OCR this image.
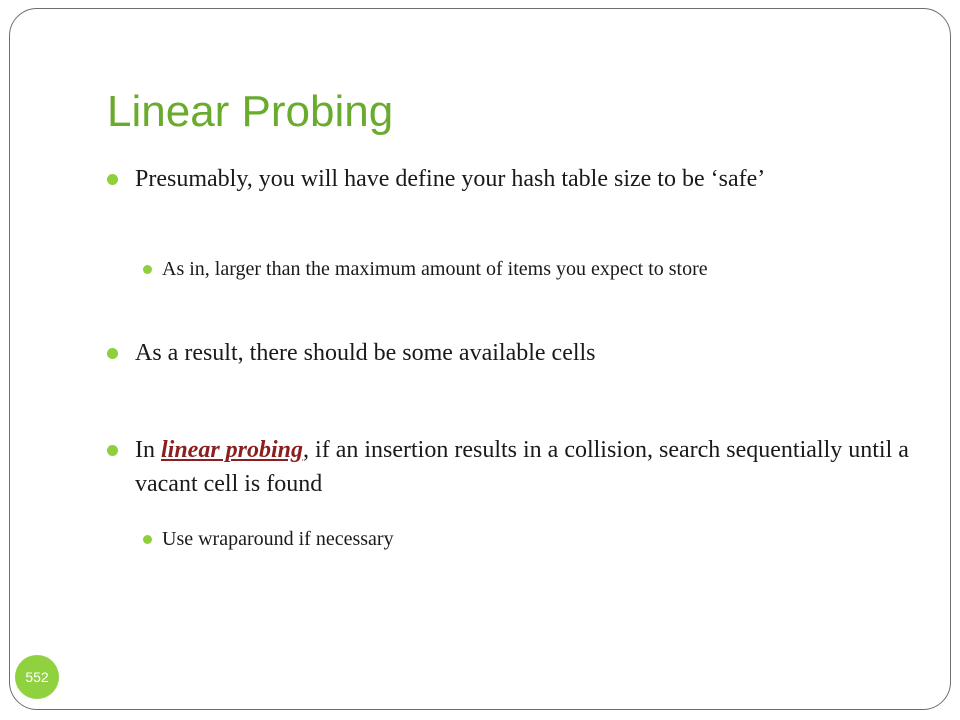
Linear Probing

Presumably, you will have define your hash table size to be ‘safe’

As in, larger than the maximum amount of items you expect to store

As a result, there should be some available cells

In linear probing, if an insertion results in a collision, search sequentially until a vacant cell is found

Use wraparound if necessary

552
